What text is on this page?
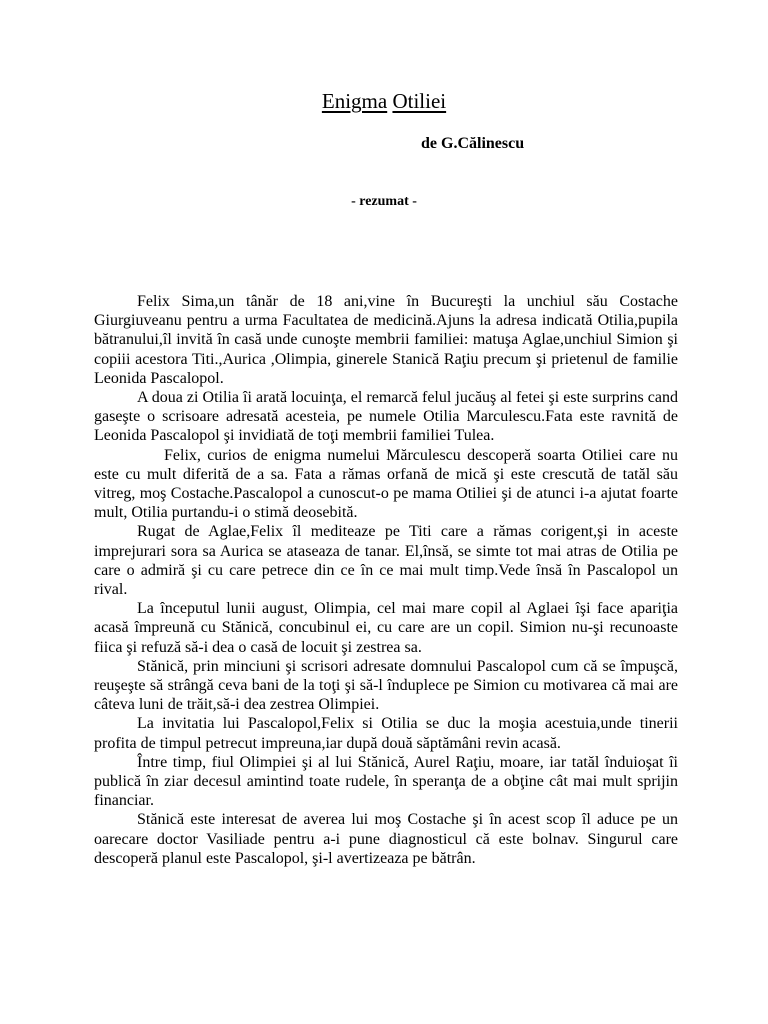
Enigma Otiliei

de G.Călinescu

- rezumat -

Felix Sima,un tânăr de 18 ani,vine în Bucureşti la unchiul său Costache Giurgiuveanu pentru a urma Facultatea de medicină.Ajuns la adresa indicată Otilia,pupila bătranului,îl invită în casă unde cunoşte membrii familiei: matuşa Aglae,unchiul Simion şi copiii acestora Titi.,Aurica ,Olimpia, ginerele Stanică Raţiu precum şi prietenul de familie Leonida Pascalopol.

A doua zi Otilia îi arată locuinţa, el remarcă felul jucăuş al fetei şi este surprins cand gaseşte o scrisoare adresată acesteia, pe numele Otilia Marculescu.Fata este ravnită de Leonida Pascalopol şi invidiată de toţi membrii familiei Tulea.

Felix, curios de enigma numelui Mărculescu descoperă soarta Otiliei care nu este cu mult diferită de a sa. Fata a rămas orfană de mică şi este crescută de tatăl său vitreg, moş Costache.Pascalopol a cunoscut-o pe mama Otiliei şi de atunci i-a ajutat foarte mult, Otilia purtandu-i o stimă deosebită.

Rugat de Aglae,Felix îl mediteaze pe Titi care a rămas corigent,şi in aceste imprejurari sora sa Aurica se ataseaza de tanar. El,însă, se simte tot mai atras de Otilia pe care o admiră şi cu care petrece din ce în ce mai mult timp.Vede însă în Pascalopol un rival.

La începutul lunii august, Olimpia, cel mai mare copil al Aglaei îşi face apariţia acasă împreună cu Stănică, concubinul ei, cu care are un copil. Simion nu-şi recunoaste fiica şi refuză să-i dea o casă de locuit şi zestrea sa.

Stănică, prin minciuni şi scrisori adresate domnului Pascalopol cum că se împuşcă, reuşeşte să strângă ceva bani de la toţi şi să-l înduplece pe Simion cu motivarea că mai are câteva luni de trăit,să-i dea zestrea Olimpiei.

La invitatia lui Pascalopol,Felix si Otilia se duc la moşia acestuia,unde tinerii profita de timpul petrecut impreuna,iar după două săptămâni revin acasă.

Între timp, fiul Olimpiei şi al lui Stănică, Aurel Raţiu, moare, iar tatăl înduioşat îi publică în ziar decesul amintind toate rudele, în speranţa de a obţine cât mai mult sprijin financiar.

Stănică este interesat de averea lui moş Costache şi în acest scop îl aduce pe un oarecare doctor Vasiliade pentru a-i pune diagnosticul că este bolnav. Singurul care descoperă planul este Pascalopol, şi-l avertizeaza pe bătrân.
